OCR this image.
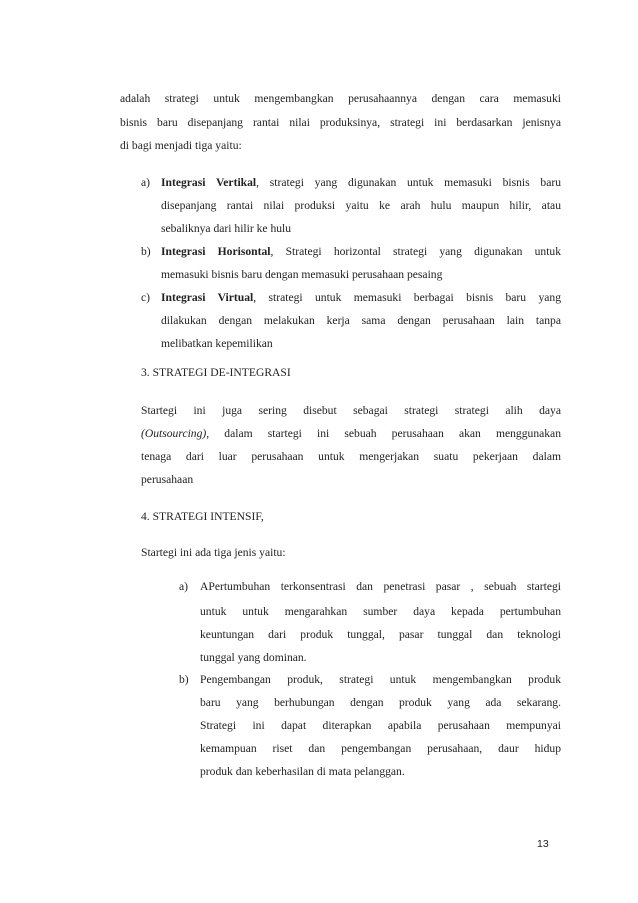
adalah strategi untuk mengembangkan perusahaannya dengan cara memasuki
bisnis baru disepanjang rantai nilai produksinya, strategi ini berdasarkan jenisnya
di bagi menjadi tiga yaitu:
a) Integrasi Vertikal, strategi yang digunakan untuk memasuki bisnis baru
disepanjang rantai nilai produksi yaitu ke arah hulu maupun hilir, atau
sebaliknya dari hilir ke hulu
b) Integrasi Horisontal, Strategi horizontal strategi yang digunakan untuk
memasuki bisnis baru dengan memasuki perusahaan pesaing
c) Integrasi Virtual, strategi untuk memasuki berbagai bisnis baru yang
dilakukan dengan melakukan kerja sama dengan perusahaan lain tanpa
melibatkan kepemilikan
3. STRATEGI DE-INTEGRASI
Startegi ini juga sering disebut sebagai strategi strategi alih daya
(Outsourcing), dalam startegi ini sebuah perusahaan akan menggunakan
tenaga dari luar perusahaan untuk mengerjakan suatu pekerjaan dalam
perusahaan
4. STRATEGI INTENSIF,
Startegi ini ada tiga jenis yaitu:
a) APertumbuhan terkonsentrasi dan penetrasi pasar , sebuah startegi
untuk untuk mengarahkan sumber daya kepada pertumbuhan
keuntungan dari produk tunggal, pasar tunggal dan teknologi
tunggal yang dominan.
b) Pengembangan produk, strategi untuk mengembangkan produk
baru yang berhubungan dengan produk yang ada sekarang.
Strategi ini dapat diterapkan apabila perusahaan mempunyai
kemampuan riset dan pengembangan perusahaan, daur hidup
produk dan keberhasilan di mata pelanggan.
13
